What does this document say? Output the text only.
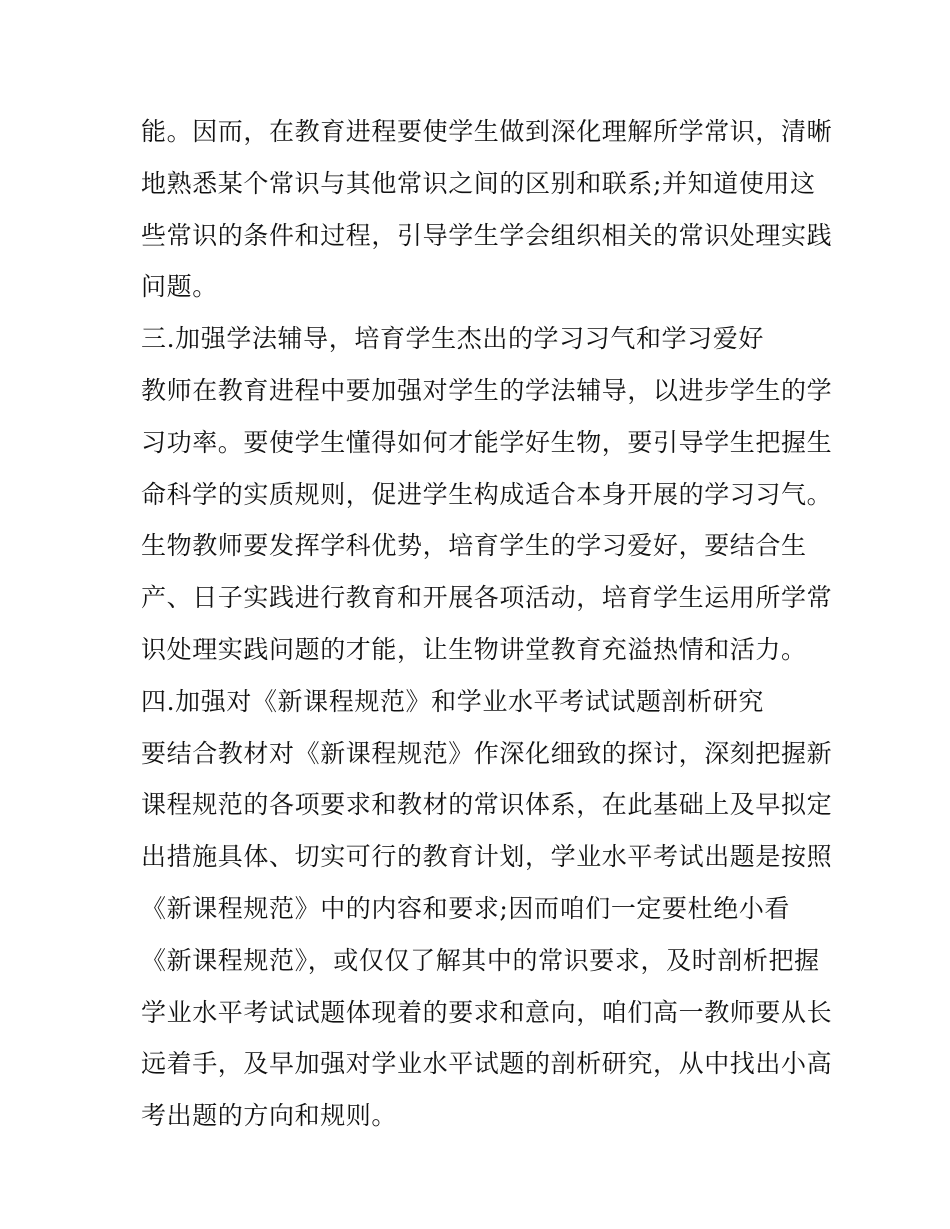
能。因而，在教育进程要使学生做到深化理解所学常识，清晰
地熟悉某个常识与其他常识之间的区别和联系;并知道使用这
些常识的条件和过程，引导学生学会组织相关的常识处理实践
问题。
三.加强学法辅导，培育学生杰出的学习习气和学习爱好
教师在教育进程中要加强对学生的学法辅导，以进步学生的学
习功率。要使学生懂得如何才能学好生物，要引导学生把握生
命科学的实质规则，促进学生构成适合本身开展的学习习气。
生物教师要发挥学科优势，培育学生的学习爱好，要结合生
产、日子实践进行教育和开展各项活动，培育学生运用所学常
识处理实践问题的才能，让生物讲堂教育充溢热情和活力。
四.加强对《新课程规范》和学业水平考试试题剖析研究
要结合教材对《新课程规范》作深化细致的探讨，深刻把握新
课程规范的各项要求和教材的常识体系，在此基础上及早拟定
出措施具体、切实可行的教育计划，学业水平考试出题是按照
《新课程规范》中的内容和要求;因而咱们一定要杜绝小看
《新课程规范》，或仅仅了解其中的常识要求，及时剖析把握
学业水平考试试题体现着的要求和意向，咱们高一教师要从长
远着手，及早加强对学业水平试题的剖析研究，从中找出小高
考出题的方向和规则。
